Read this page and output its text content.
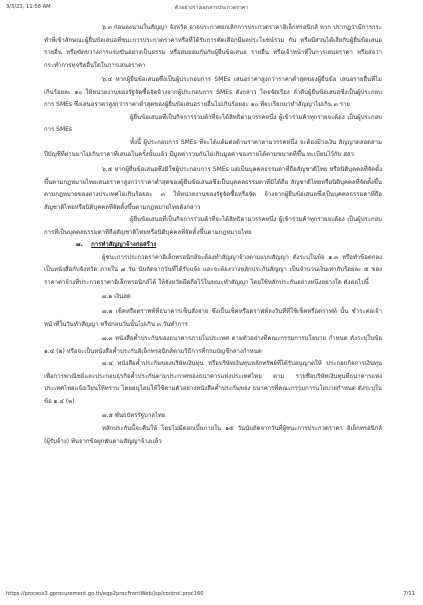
3/3/23, 11:56 AM	ตัวอย่างร่างเอกสารประกวดราคา

๖.๓ ก่อนลงนามในสัญญา จังหวัด อาจประกาศยกเลิกการประกวดราคาอิเล็กทรอนิกส์ หาก ปรากฏว่ามีการกระทำที่เข้าลักษณะผู้ยื่นข้อเสนอที่ชนะการประกวดราคาหรือที่ได้รับการคัดเลือกมีผลประโยชน์ร่วม กัน หรือมีส่วนได้เสียกับผู้ยื่นข้อเสนอรายอื่น หรือขัดขวางการแข่งขันอย่างเป็นธรรม หรือสมยอมกันกับผู้ยื่นข้อเสนอ รายอื่น หรือเจ้าหน้าที่ในการเสนอราคา หรือส่อว่ากระทำการทุจริตอื่นใดในการเสนอราคา

๖.๔ หากผู้ยื่นข้อเสนอซึ่งเป็นผู้ประกอบการ SMEs เสนอราคาสูงกว่าราคาต่ำสุดของผู้ยื่นข้อ เสนอรายอื่นที่ไม่เกินร้อยละ ๑๐ ให้หน่วยงานของรัฐจัดซื้อจัดจ้างจากผู้ประกอบการ SMEs ดังกล่าว โดยจัดเรียง ลำดับผู้ยื่นข้อเสนอซึ่งเป็นผู้ประกอบการ SMEs ซึ่งเสนอราคาสูงกว่าราคาต่ำสุดของผู้ยื่นข้อเสนอรายอื่นไม่เกินร้อยละ ๑๐ ที่จะเรียกมาทำสัญญาไม่เกิน ๓ ราย

ผู้ยื่นข้อเสนอที่เป็นกิจการร่วมค้าที่จะได้สิทธิตามวรรคหนึ่ง ผู้เข้าร่วมค้าทุกรายจะต้อง เป็นผู้ประกอบการ SMEs

ทั้งนี้ ผู้ประกอบการ SMEs ที่จะได้แต้มต่อด้านราคาตามวรรคหนึ่ง จะต้องมีวงเงิน สัญญาตลอดสามปีบัญชีที่ผ่านมาไม่เกินราคาที่เสนอในครั้งนั้นแล้ว มีมูลค่ารวมกันไม่เกินมูลค่าของรายได้ตามขนาดที่ขึ้น ทะเบียนไว้กับ สสว

๖.๕ หากผู้ยื่นข้อเสนอซึ่งมิใช่ผู้ประกอบการ SMEs แต่เป็นบุคคลธรรมดาที่ถือสัญชาติไทย หรือนิติบุคคลที่จัดตั้งขึ้นตามกฎหมายไทยเสนอราคาสูงกว่าราคาต่ำสุดของผู้ยื่นข้อเสนอซึ่งเป็นบุคคลธรรมดาที่มิได้ถือ สัญชาติไทยหรือนิติบุคคลที่จัดตั้งขึ้นตามกฎหมายของต่างประเทศไม่เกินร้อยละ ๓ ให้หน่วยงานของรัฐจัดซื้อหรือจัด จ้างจากผู้ยื่นข้อเสนอซึ่งเป็นบุคคลธรรมดาที่ถือสัญชาติไทยหรือนิติบุคคลที่จัดตั้งขึ้นตามกฎหมายไทยดังกล่าว

ผู้ยื่นข้อเสนอที่เป็นกิจการร่วมค้าที่จะได้สิทธิตามวรรคหนึ่ง ผู้เข้าร่วมค้าทุกรายจะต้อง เป็นผู้ประกอบการที่เป็นบุคคลธรรมดาที่ถือสัญชาติไทยหรือนิติบุคคลที่จัดตั้งขึ้นตามกฎหมายไทย

๗. การทำสัญญาจ้างก่อสร้าง

ผู้ชนะการประกวดราคาอิเล็กทรอนิกส์จะต้องทำสัญญาจ้างตามแบบสัญญา ดังระบุในข้อ ๑.๓ หรือทำข้อตกลงเป็นหนังสือกับจังหวัด ภายใน ๗ วัน นับถัดจากวันที่ได้รับแจ้ง และจะต้องวางหลักประกันสัญญา เป็นจำนวนเงินเท่ากับร้อยละ ๕ ของราคาค่าจ้างที่ประกวดราคาอิเล็กทรอนิกส์ได้ ให้จังหวัดยึดถือไว้ในขณะทำสัญญา โดยใช้หลักประกันอย่างหนึ่งอย่างใด ดังต่อไปนี้

๗.๑ เงินสด

๗.๒ เช็คหรือดราฟท์ที่ธนาคารเซ็นสั่งจ่าย ซึ่งเป็นเช็คหรือดราฟท์ลงวันที่ที่ใช้เช็คหรือดราฟท์ นั้น ชำระต่อเจ้าหน้าที่ในวันทำสัญญา หรือก่อนวันนั้นไม่เกิน ๓ วันทำการ

๗.๓ หนังสือค้ำประกันของธนาคารภายในประเทศ ตามตัวอย่างที่คณะกรรมการนโยบาย กำหนด ดังระบุในข้อ ๑.๔ (๒) หรือจะเป็นหนังสือค้ำประกันอิเล็กทรอนิกส์ตามวิธีการที่กรมบัญชีกลางกำหนด

๗.๔ หนังสือค้ำประกันของบริษัทเงินทุน หรือบริษัทเงินทุนหลักทรัพย์ที่ได้รับอนุญาตให้ ประกอบกิจการเงินทุนเพื่อการพาณิชย์และประกอบธุรกิจค้ำประกันตามประกาศของธนาคารแห่งประเทศไทย ตาม รายชื่อบริษัทเงินทุนที่ธนาคารแห่งประเทศไทยแจ้งเวียนให้ทราบ โดยอนุโลมให้ใช้ตามตัวอย่างหนังสือค้ำประกันของ ธนาคารที่คณะกรรมการนโยบายกำหนด ดังระบุในข้อ ๑.๔ (๒)

๗.๕ พันธบัตรรัฐบาลไทย

หลักประกันนี้จะคืนให้ โดยไม่มีดอกเบี้ยภายใน ๑๕ วันนับถัดจากวันที่ผู้ชนะการประกวดราคา อิเล็กทรอนิกส์ (ผู้รับจ้าง) พ้นจากข้อผูกพันตามสัญญาจ้างแล้ว

https://process3.gprocurement.go.th/egp2procFrontWeb/jsp/control.proc160	7/11
